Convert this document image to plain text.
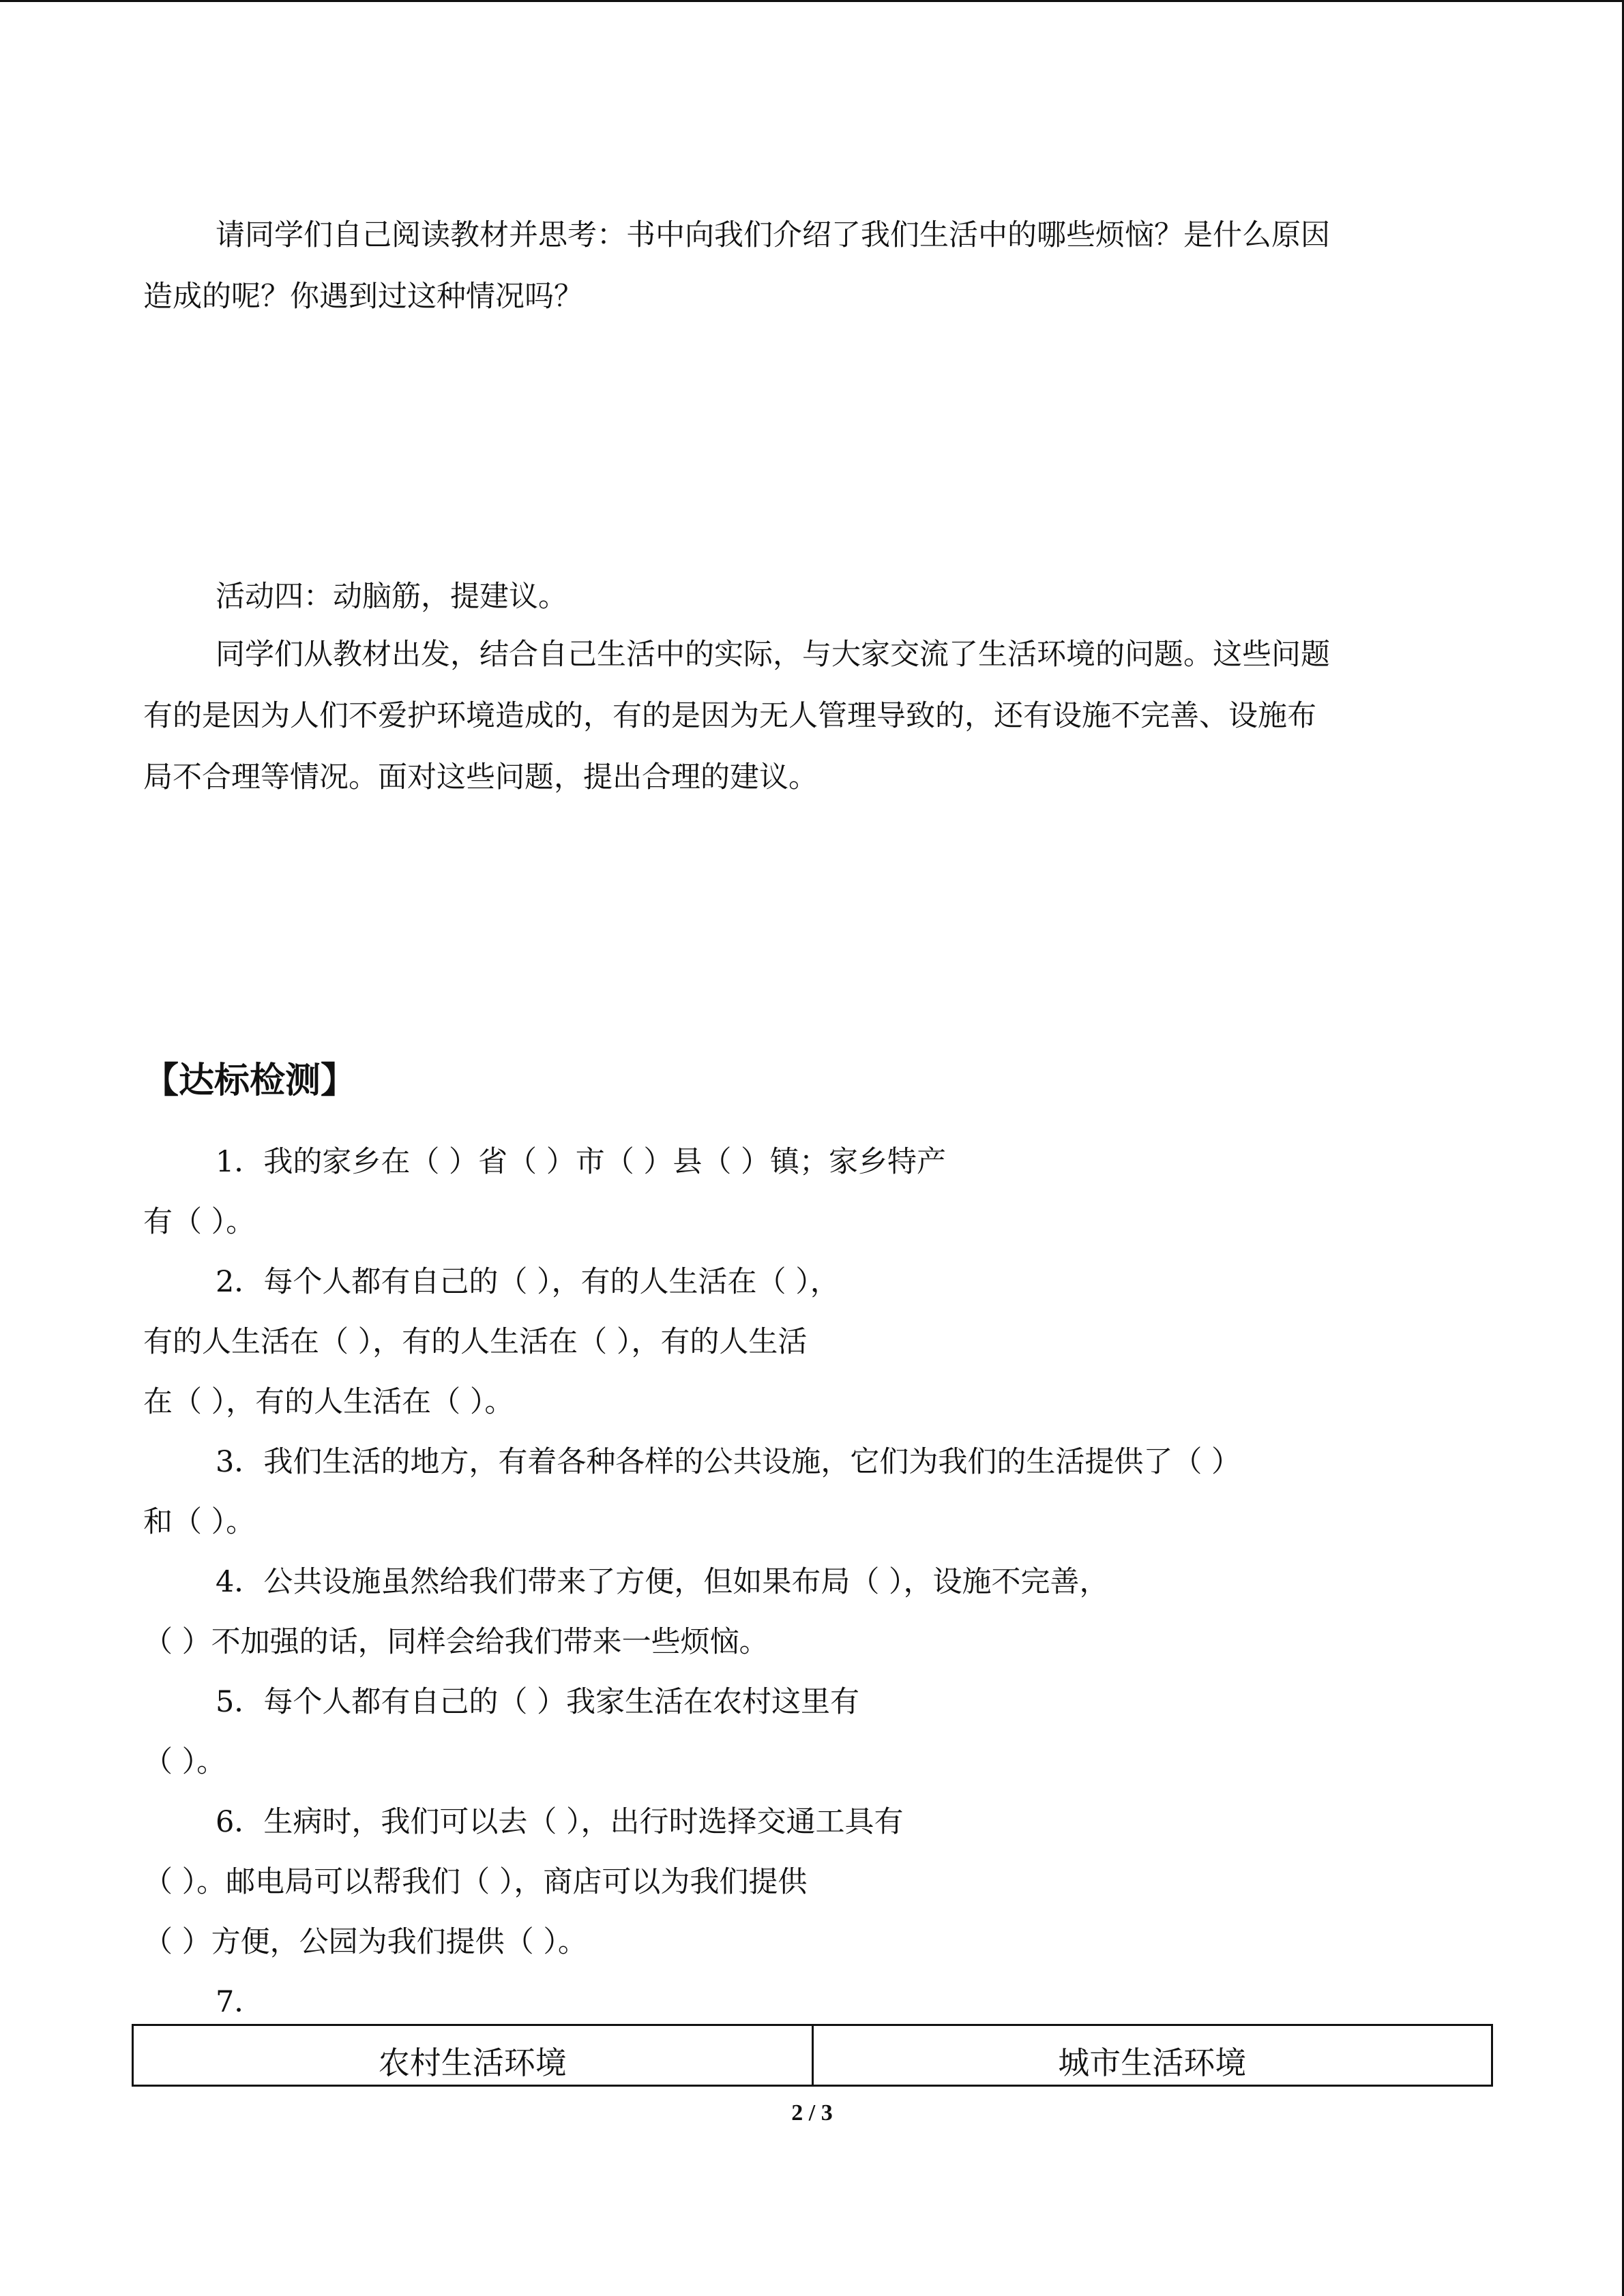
请同学们自己阅读教材并思考：书中向我们介绍了我们生活中的哪些烦恼？是什么原因
造成的呢？你遇到过这种情况吗？
活动四：动脑筋，提建议。
同学们从教材出发，结合自己生活中的实际，与大家交流了生活环境的问题。这些问题
有的是因为人们不爱护环境造成的，有的是因为无人管理导致的，还有设施不完善、设施布
局不合理等情况。面对这些问题，提出合理的建议。
【达标检测】
1．我的家乡在（ ）省（ ）市（ ）县（ ）镇；家乡特产
有（ ）。
2．每个人都有自己的（ ），有的人生活在（ ），
有的人生活在（ ），有的人生活在（ ），有的人生活
在（ ），有的人生活在（ ）。
3．我们生活的地方，有着各种各样的公共设施，它们为我们的生活提供了（ ）
和（ ）。
4．公共设施虽然给我们带来了方便，但如果布局（ ），设施不完善，
（ ）不加强的话，同样会给我们带来一些烦恼。
5．每个人都有自己的（ ）我家生活在农村这里有
（ ）。
6．生病时，我们可以去（ ），出行时选择交通工具有
（ ）。邮电局可以帮我们（ ），商店可以为我们提供
（ ）方便，公园为我们提供（ ）。
7．
农村生活环境	城市生活环境
2 / 3
